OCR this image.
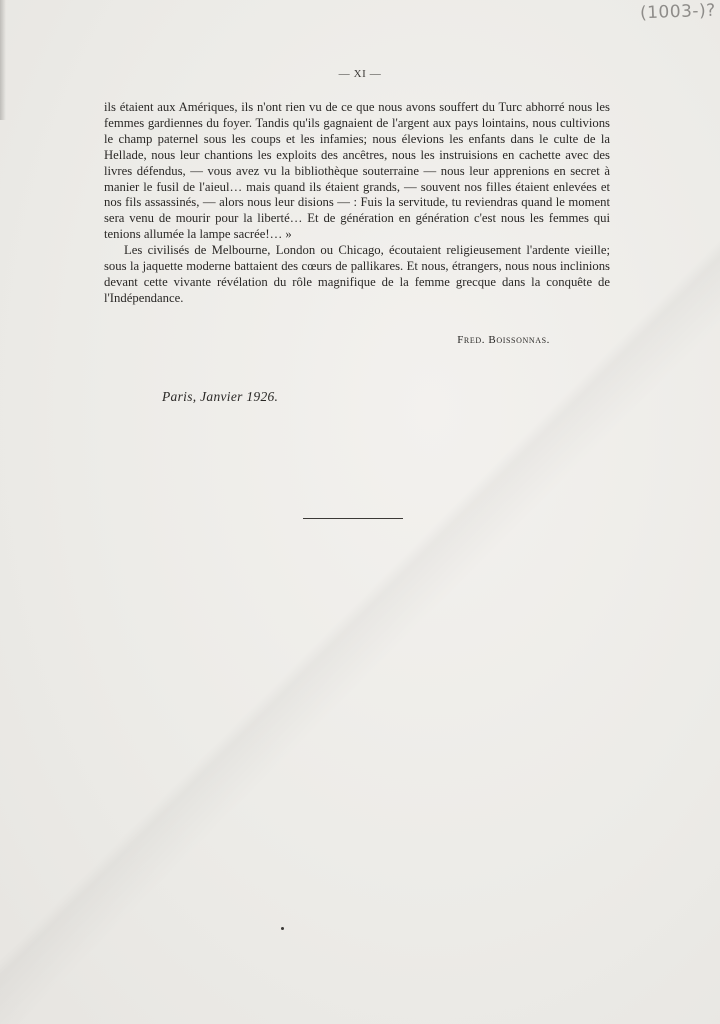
(1003-)?
— XI —

ils étaient aux Amériques, ils n'ont rien vu de ce que nous avons souffert du Turc abhorré nous les femmes gardiennes du foyer. Tandis qu'ils gagnaient de l'argent aux pays lointains, nous cultivions le champ paternel sous les coups et les infamies; nous élevions les enfants dans le culte de la Hellade, nous leur chantions les exploits des ancêtres, nous les instruisions en cachette avec des livres défendus, — vous avez vu la bibliothèque souterraine — nous leur apprenions en secret à manier le fusil de l'aieul… mais quand ils étaient grands, — souvent nos filles étaient enlevées et nos fils assassinés, — alors nous leur disions — : Fuis la servitude, tu reviendras quand le moment sera venu de mourir pour la liberté… Et de génération en génération c'est nous les femmes qui tenions allumée la lampe sacrée!… »

Les civilisés de Melbourne, London ou Chicago, écoutaient religieusement l'ardente vieille; sous la jaquette moderne battaient des cœurs de pallikares. Et nous, étrangers, nous nous inclinions devant cette vivante révélation du rôle magnifique de la femme grecque dans la conquête de l'Indépendance.

Fred. Boissonnas.
Paris, Janvier 1926.
